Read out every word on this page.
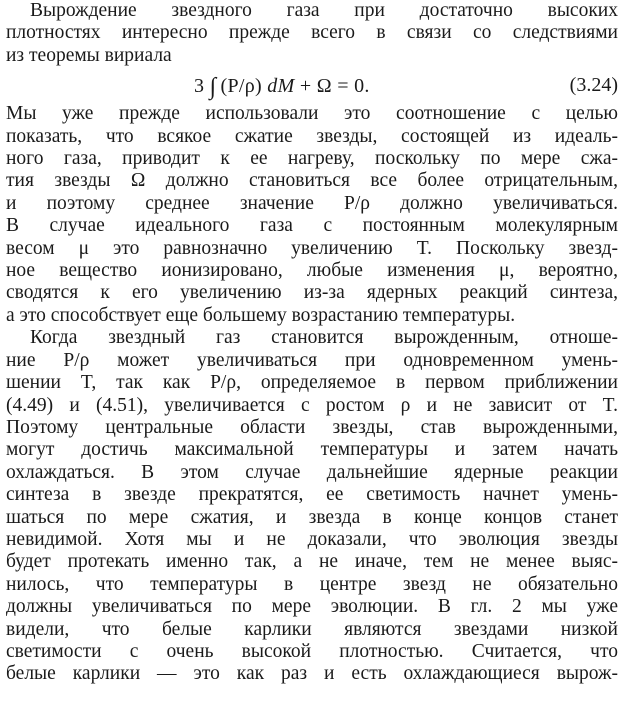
Вырождение звездного газа при достаточно высоких

плотностях интересно прежде всего в связи со следствиями

из теоремы вириала

3 ∫ (P/ρ) dM + Ω = 0.	(3.24)

Мы уже прежде использовали это соотношение с целью

показать, что всякое сжатие звезды, состоящей из идеаль-

ного газа, приводит к ее нагреву, поскольку по мере сжа-

тия звезды Ω должно становиться все более отрицательным,

и поэтому среднее значение P/ρ должно увеличиваться.

В случае идеального газа с постоянным молекулярным

весом μ это равнозначно увеличению T. Поскольку звезд-

ное вещество ионизировано, любые изменения μ, вероятно,

сводятся к его увеличению из-за ядерных реакций синтеза,

а это способствует еще большему возрастанию температуры.

Когда звездный газ становится вырожденным, отноше-

ние P/ρ может увеличиваться при одновременном умень-

шении T, так как P/ρ, определяемое в первом приближении

(4.49) и (4.51), увеличивается с ростом ρ и не зависит от T.

Поэтому центральные области звезды, став вырожденными,

могут достичь максимальной температуры и затем начать

охлаждаться. В этом случае дальнейшие ядерные реакции

синтеза в звезде прекратятся, ее светимость начнет умень-

шаться по мере сжатия, и звезда в конце концов станет

невидимой. Хотя мы и не доказали, что эволюция звезды

будет протекать именно так, а не иначе, тем не менее выяс-

нилось, что температуры в центре звезд не обязательно

должны увеличиваться по мере эволюции. В гл. 2 мы уже

видели, что белые карлики являются звездами низкой

светимости с очень высокой плотностью. Считается, что

белые карлики — это как раз и есть охлаждающиеся вырож-
